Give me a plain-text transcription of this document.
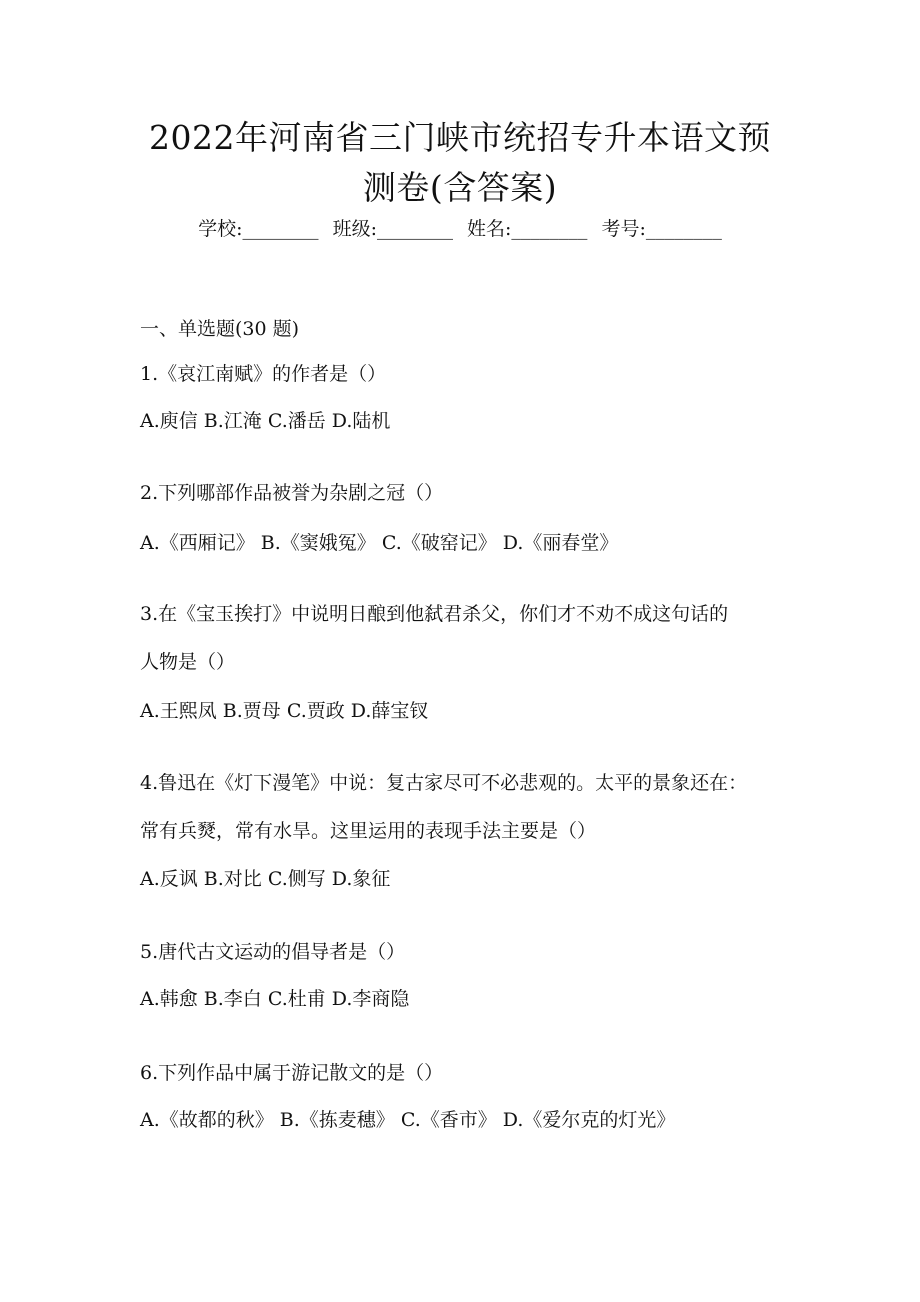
2022年河南省三门峡市统招专升本语文预
测卷(含答案)
学校:________ 班级:________ 姓名:________ 考号:________
一、单选题(30 题)
1.《哀江南赋》的作者是（）
A.庾信 B.江淹 C.潘岳 D.陆机
2.下列哪部作品被誉为杂剧之冠（）
A.《西厢记》 B.《窦娥冤》 C.《破窑记》 D.《丽春堂》
3.在《宝玉挨打》中说明日酿到他弑君杀父，你们才不劝不成这句话的
人物是（）
A.王熙凤 B.贾母 C.贾政 D.薛宝钗
4.鲁迅在《灯下漫笔》中说：复古家尽可不必悲观的。太平的景象还在：
常有兵燹，常有水旱。这里运用的表现手法主要是（）
A.反讽 B.对比 C.侧写 D.象征
5.唐代古文运动的倡导者是（）
A.韩愈 B.李白 C.杜甫 D.李商隐
6.下列作品中属于游记散文的是（）
A.《故都的秋》 B.《拣麦穗》 C.《香市》 D.《爱尔克的灯光》
